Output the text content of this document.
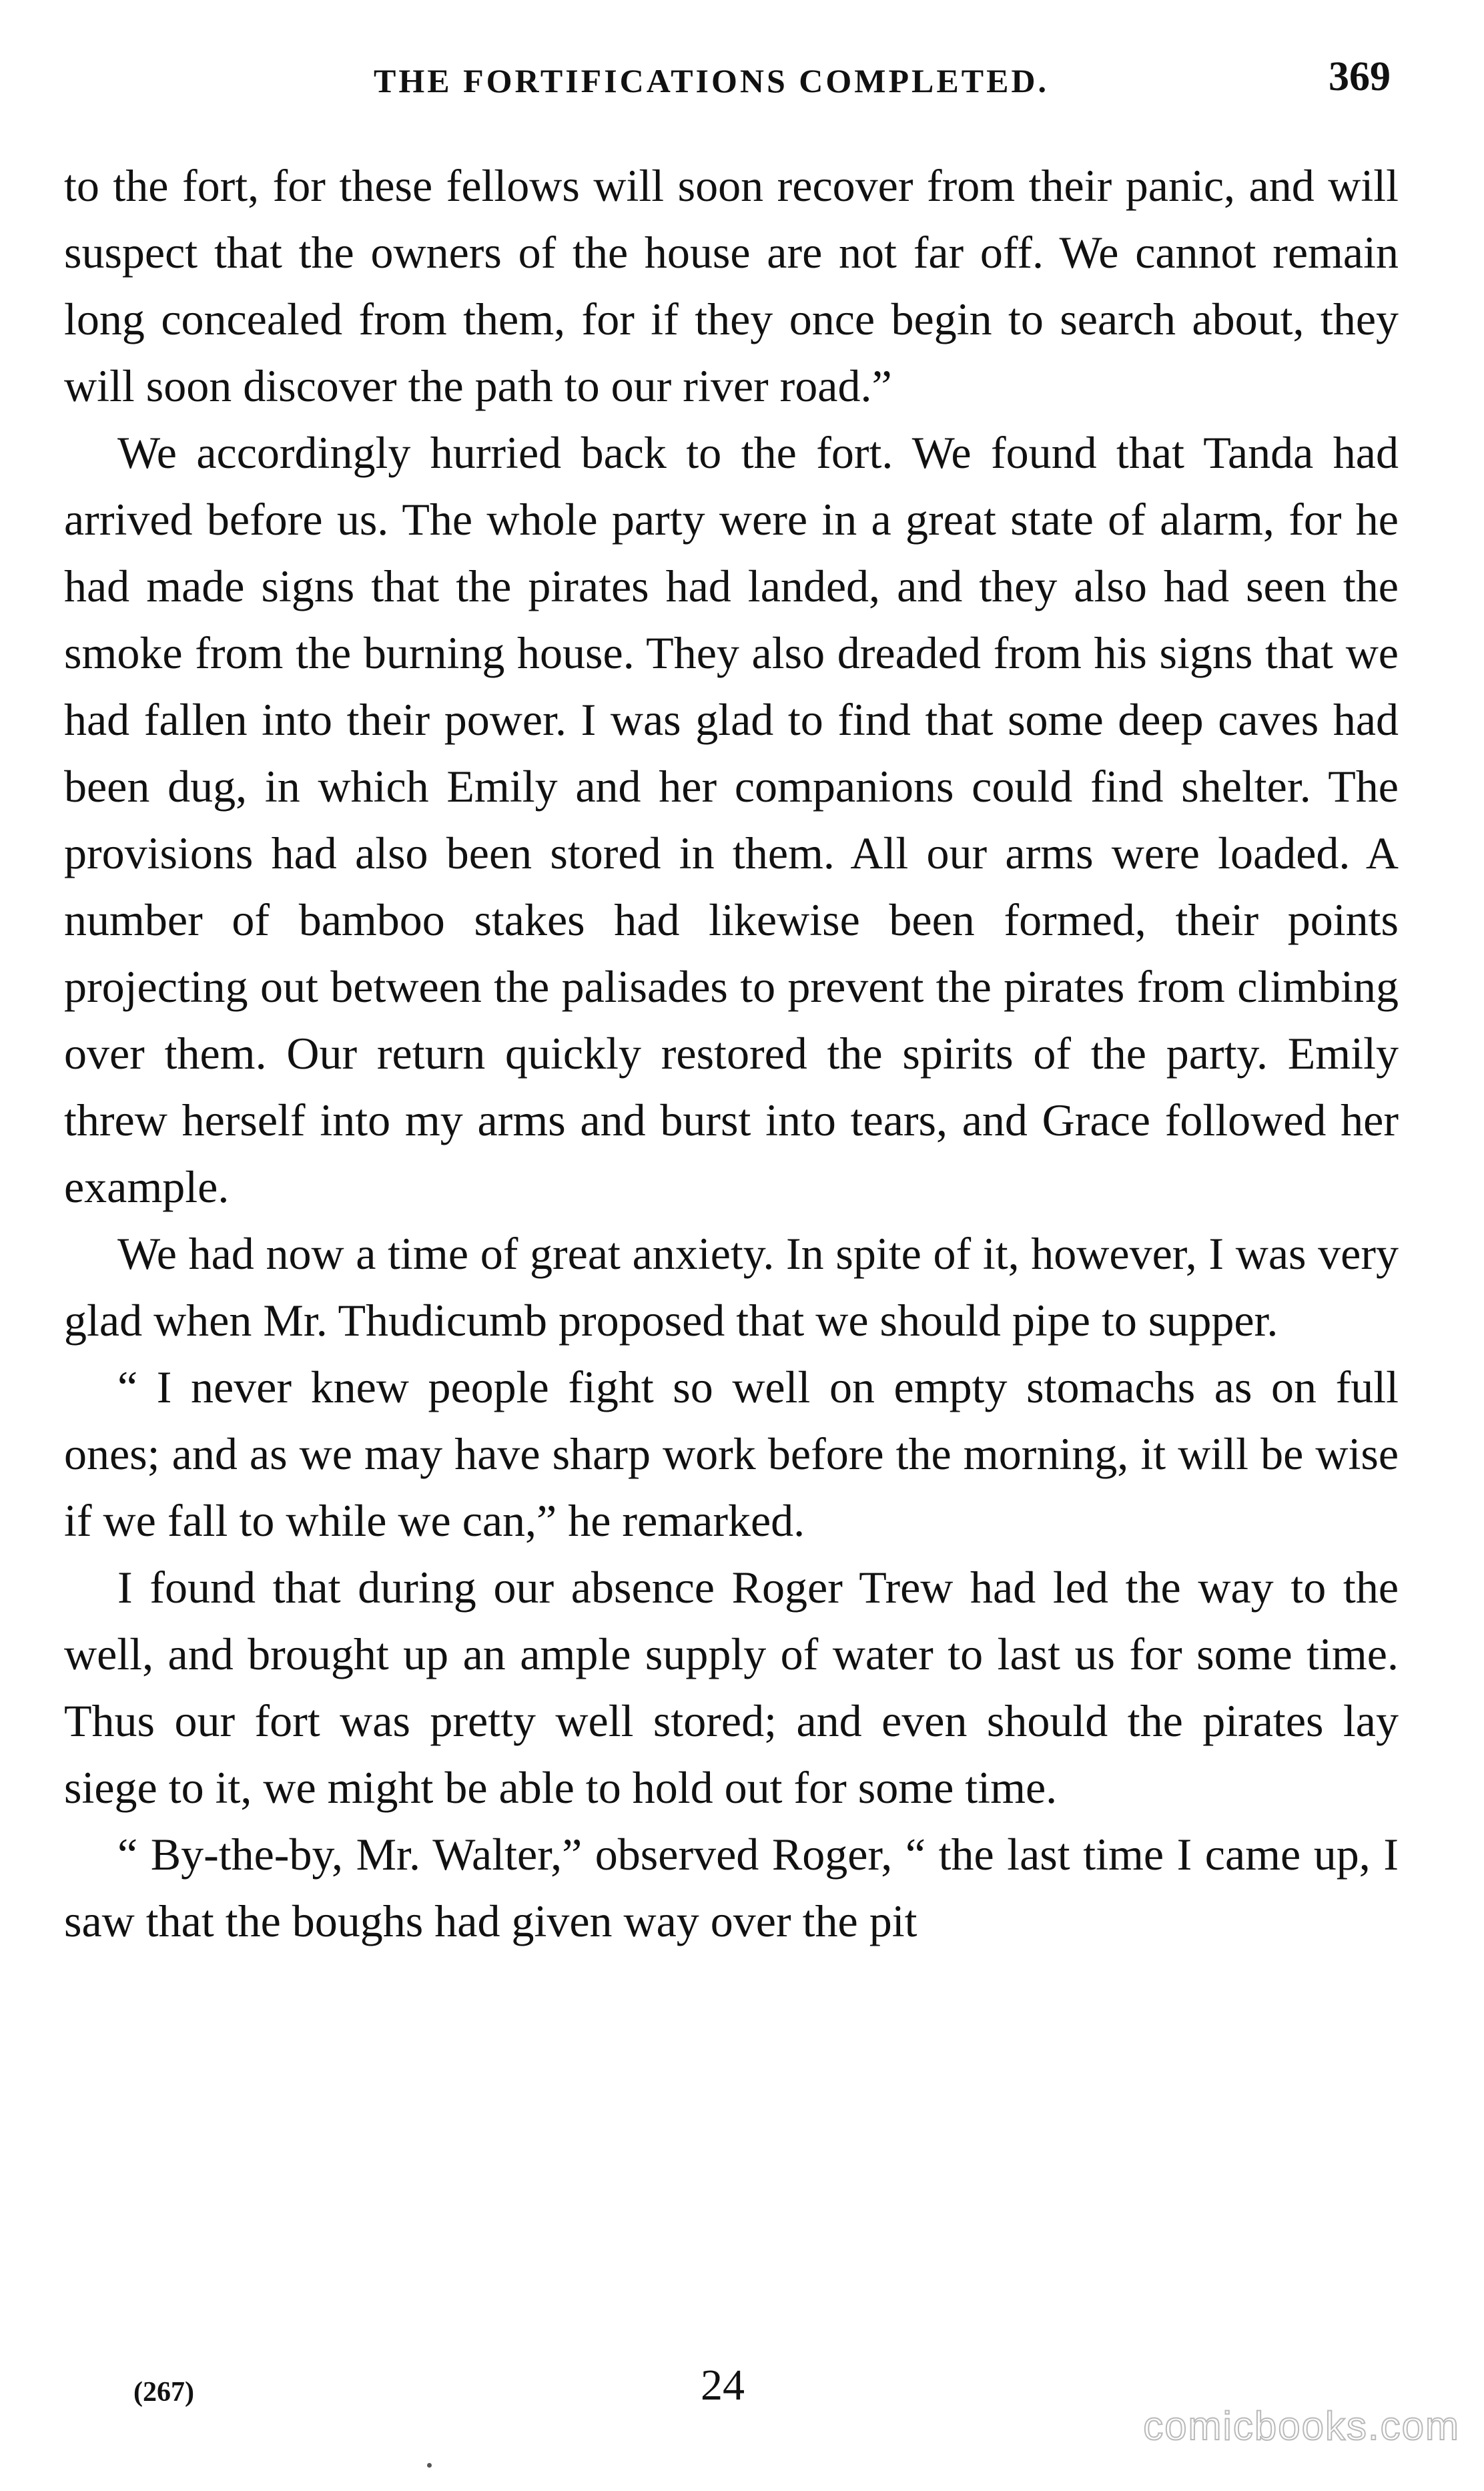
THE FORTIFICATIONS COMPLETED.	369

to the fort, for these fellows will soon recover from their panic, and will suspect that the owners of the house are not far off. We cannot remain long concealed from them, for if they once begin to search about, they will soon discover the path to our river road.”

We accordingly hurried back to the fort. We found that Tanda had arrived before us. The whole party were in a great state of alarm, for he had made signs that the pirates had landed, and they also had seen the smoke from the burning house. They also dreaded from his signs that we had fallen into their power. I was glad to find that some deep caves had been dug, in which Emily and her companions could find shelter. The provisions had also been stored in them. All our arms were loaded. A number of bamboo stakes had likewise been formed, their points projecting out between the palisades to prevent the pirates from climbing over them. Our return quickly restored the spirits of the party. Emily threw herself into my arms and burst into tears, and Grace followed her example.

We had now a time of great anxiety. In spite of it, however, I was very glad when Mr. Thudicumb proposed that we should pipe to supper.

“ I never knew people fight so well on empty stomachs as on full ones; and as we may have sharp work before the morning, it will be wise if we fall to while we can,” he remarked.

I found that during our absence Roger Trew had led the way to the well, and brought up an ample supply of water to last us for some time. Thus our fort was pretty well stored; and even should the pirates lay siege to it, we might be able to hold out for some time.

“ By-the-by, Mr. Walter,” observed Roger, “ the last time I came up, I saw that the boughs had given way over the pit

(267)	24
comicbooks.com
